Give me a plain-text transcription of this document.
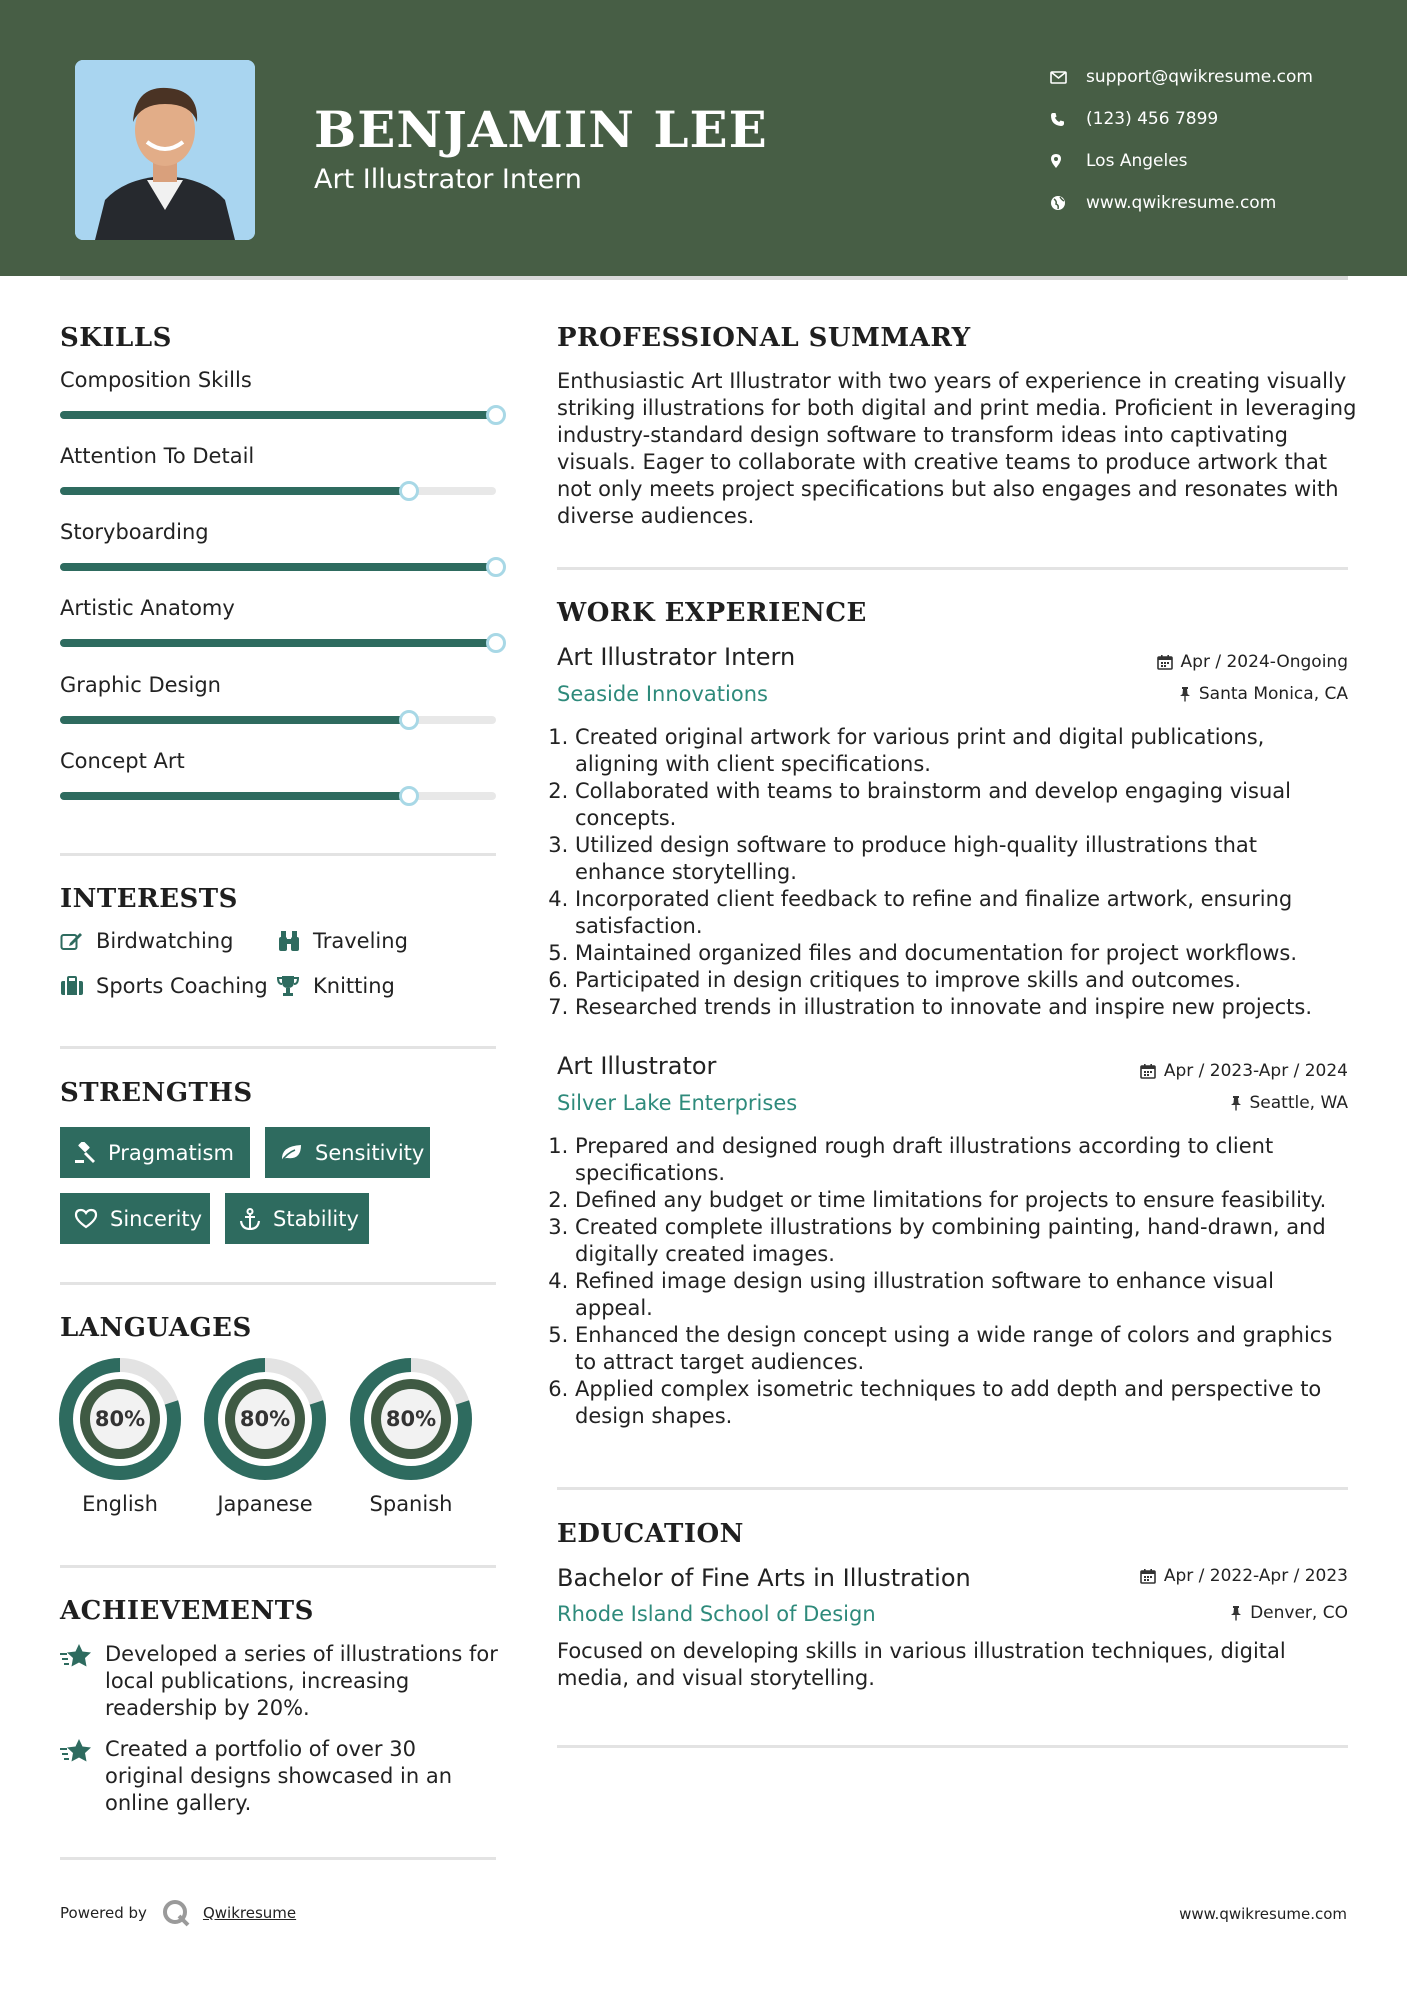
BENJAMIN LEE
Art Illustrator Intern
support@qwikresume.com
(123) 456 7899
Los Angeles
www.qwikresume.com
SKILLS
Composition Skills
Attention To Detail
Storyboarding
Artistic Anatomy
Graphic Design
Concept Art
INTERESTS
Birdwatching	Traveling
Sports Coaching Knitting
STRENGTHS
Pragmatism	Sensitivity
Sincerity	Stability
LANGUAGES
80%
English
80%
Japanese
80%
Spanish
ACHIEVEMENTS
Developed a series of illustrations for local publications, increasing readership by 20%.
Created a portfolio of over 30 original designs showcased in an online gallery.
PROFESSIONAL SUMMARY
Enthusiastic Art Illustrator with two years of experience in creating visually striking illustrations for both digital and print media. Proficient in leveraging industry-standard design software to transform ideas into captivating visuals. Eager to collaborate with creative teams to produce artwork that not only meets project specifications but also engages and resonates with diverse audiences.
WORK EXPERIENCE
Art Illustrator Intern	Apr / 2024-Ongoing
Seaside Innovations	Santa Monica, CA
1. Created original artwork for various print and digital publications, aligning with client specifications.
2. Collaborated with teams to brainstorm and develop engaging visual concepts.
3. Utilized design software to produce high-quality illustrations that enhance storytelling.
4. Incorporated client feedback to refine and finalize artwork, ensuring satisfaction.
5. Maintained organized files and documentation for project workflows.
6. Participated in design critiques to improve skills and outcomes.
7. Researched trends in illustration to innovate and inspire new projects.
Art Illustrator	Apr / 2023-Apr / 2024
Silver Lake Enterprises	Seattle, WA
1. Prepared and designed rough draft illustrations according to client specifications.
2. Defined any budget or time limitations for projects to ensure feasibility.
3. Created complete illustrations by combining painting, hand-drawn, and digitally created images.
4. Refined image design using illustration software to enhance visual appeal.
5. Enhanced the design concept using a wide range of colors and graphics to attract target audiences.
6. Applied complex isometric techniques to add depth and perspective to design shapes.
EDUCATION
Bachelor of Fine Arts in Illustration	Apr / 2022-Apr / 2023
Rhode Island School of Design	Denver, CO
Focused on developing skills in various illustration techniques, digital media, and visual storytelling.
Powered by	Qwikresume	www.qwikresume.com
